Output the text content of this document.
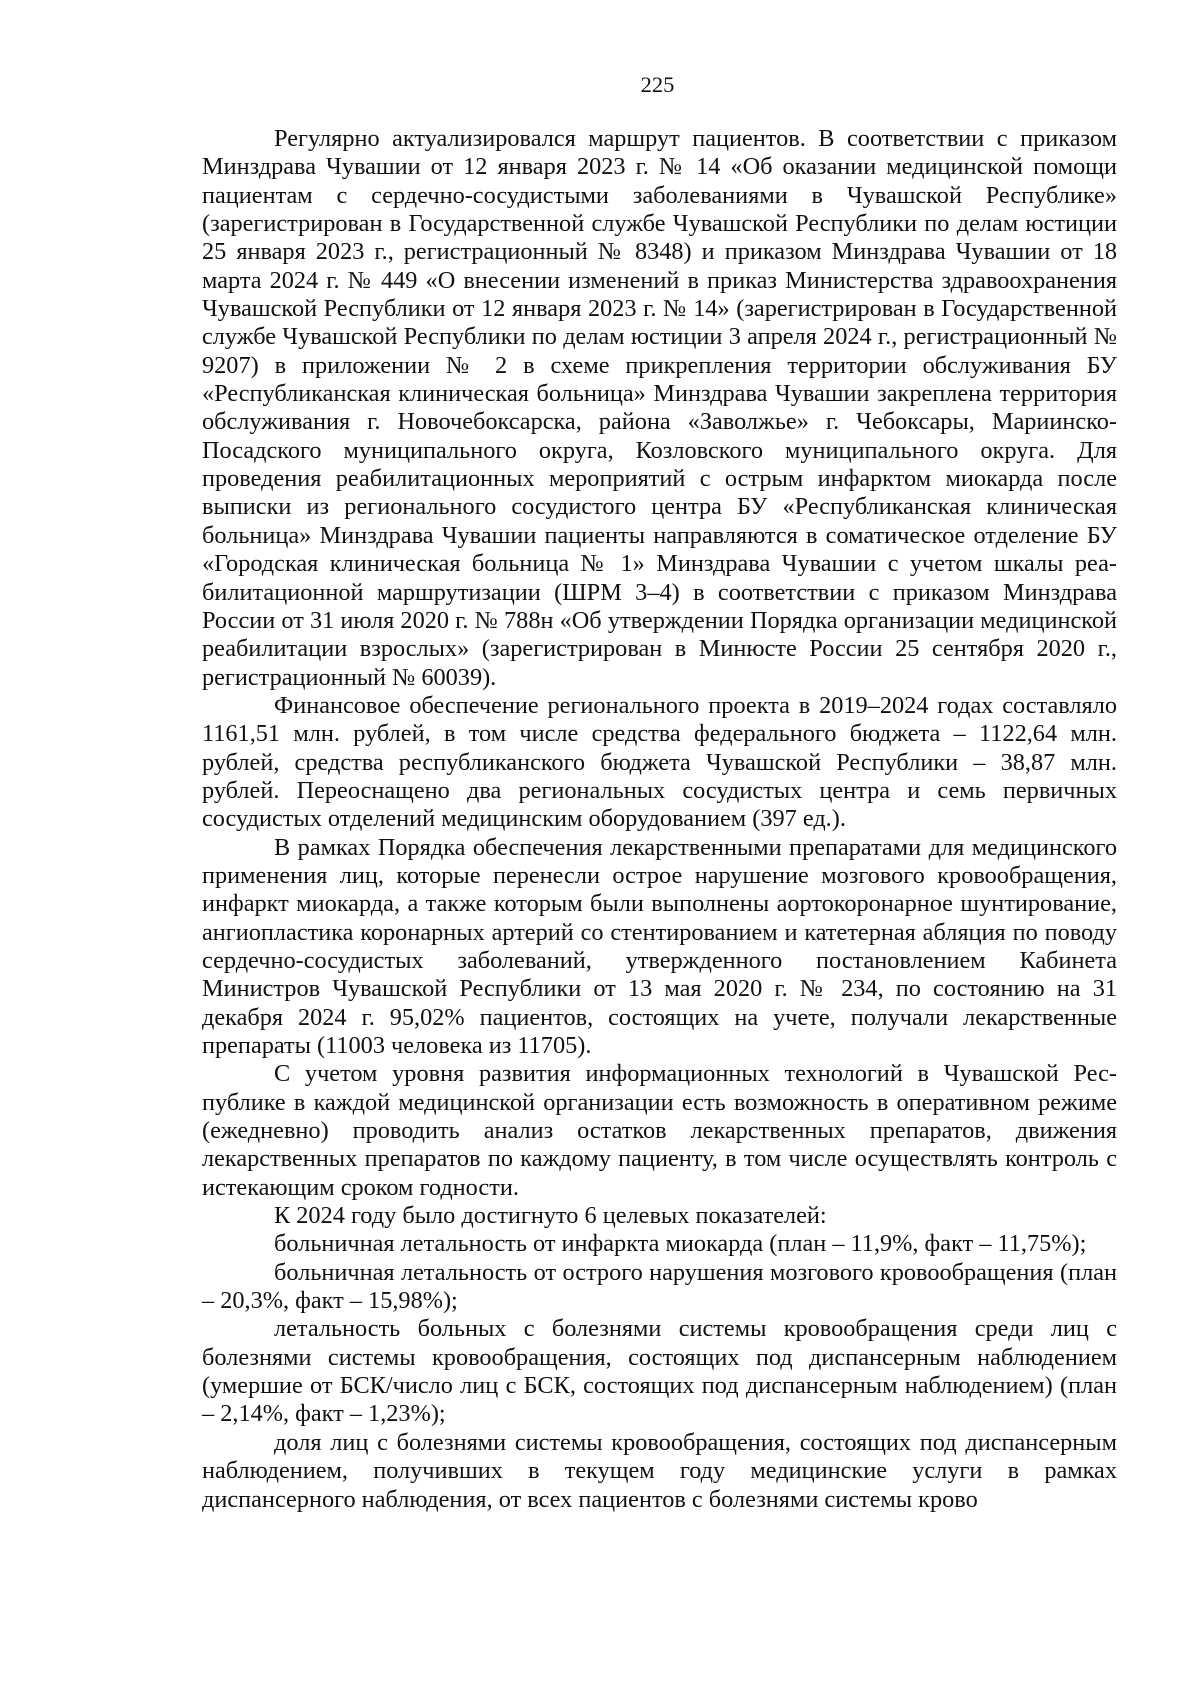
225

Регулярно актуализировался маршрут пациентов. В соответствии с приказом Минздрава Чувашии от 12 января 2023 г. № 14 «Об оказании медицинской помощи пациентам с сердечно-сосудистыми заболеваниями в Чувашской Республике» (зарегистрирован в Государственной службе Чувашской Республики по делам юстиции 25 января 2023 г., регистрационный № 8348) и приказом Минздрава Чувашии от 18 марта 2024 г. № 449 «О внесении изменений в приказ Министерства здравоохранения Чувашской Республики от 12 января 2023 г. № 14» (зарегистрирован в Государственной службе Чувашской Республики по делам юстиции 3 апреля 2024 г., регистрационный № 9207) в приложении № 2 в схеме прикрепления территории обслуживания БУ «Республиканская клиническая больница» Минздрава Чувашии закреплена территория обслуживания г. Новочебоксарска, района «Заволжье» г. Чебоксары, Мариинско-Посадского муниципального округа, Козловского муниципального округа. Для проведения реабилитационных мероприятий с острым инфарктом миокарда после выписки из регионального сосудистого центра БУ «Республиканская клиническая больница» Минздрава Чувашии пациенты направляются в соматическое отделение БУ «Городская клиническая больница № 1» Минздрава Чувашии с учетом шкалы реабилитационной маршрутизации (ШРМ 3–4) в соответствии с приказом Минздрава России от 31 июля 2020 г. № 788н «Об утверждении Порядка организации медицинской реабилитации взрослых» (зарегистрирован в Минюсте России 25 сентября 2020 г., регистрационный № 60039).

Финансовое обеспечение регионального проекта в 2019–2024 годах составляло 1161,51 млн. рублей, в том числе средства федерального бюджета – 1122,64 млн. рублей, средства республиканского бюджета Чувашской Республики – 38,87 млн. рублей. Переоснащено два региональных сосудистых центра и семь первичных сосудистых отделений медицинским оборудованием (397 ед.).

В рамках Порядка обеспечения лекарственными препаратами для медицинского применения лиц, которые перенесли острое нарушение мозгового кровообращения, инфаркт миокарда, а также которым были выполнены аортокоронарное шунтирование, ангиопластика коронарных артерий со стентированием и катетерная абляция по поводу сердечно-сосудистых заболеваний, утвержденного постановлением Кабинета Министров Чувашской Республики от 13 мая 2020 г. № 234, по состоянию на 31 декабря 2024 г. 95,02% пациентов, состоящих на учете, получали лекарственные препараты (11003 человека из 11705).

С учетом уровня развития информационных технологий в Чувашской Республике в каждой медицинской организации есть возможность в оперативном режиме (ежедневно) проводить анализ остатков лекарственных препаратов, движения лекарственных препаратов по каждому пациенту, в том числе осуществлять контроль с истекающим сроком годности.

К 2024 году было достигнуто 6 целевых показателей:

больничная летальность от инфаркта миокарда (план – 11,9%, факт – 11,75%);

больничная летальность от острого нарушения мозгового кровообращения (план – 20,3%, факт – 15,98%);

летальность больных с болезнями системы кровообращения среди лиц с болезнями системы кровообращения, состоящих под диспансерным наблюдением (умершие от БСК/число лиц с БСК, состоящих под диспансерным наблюдением) (план – 2,14%, факт – 1,23%);

доля лиц с болезнями системы кровообращения, состоящих под диспансерным наблюдением, получивших в текущем году медицинские услуги в рамках диспансерного наблюдения, от всех пациентов с болезнями системы крово
